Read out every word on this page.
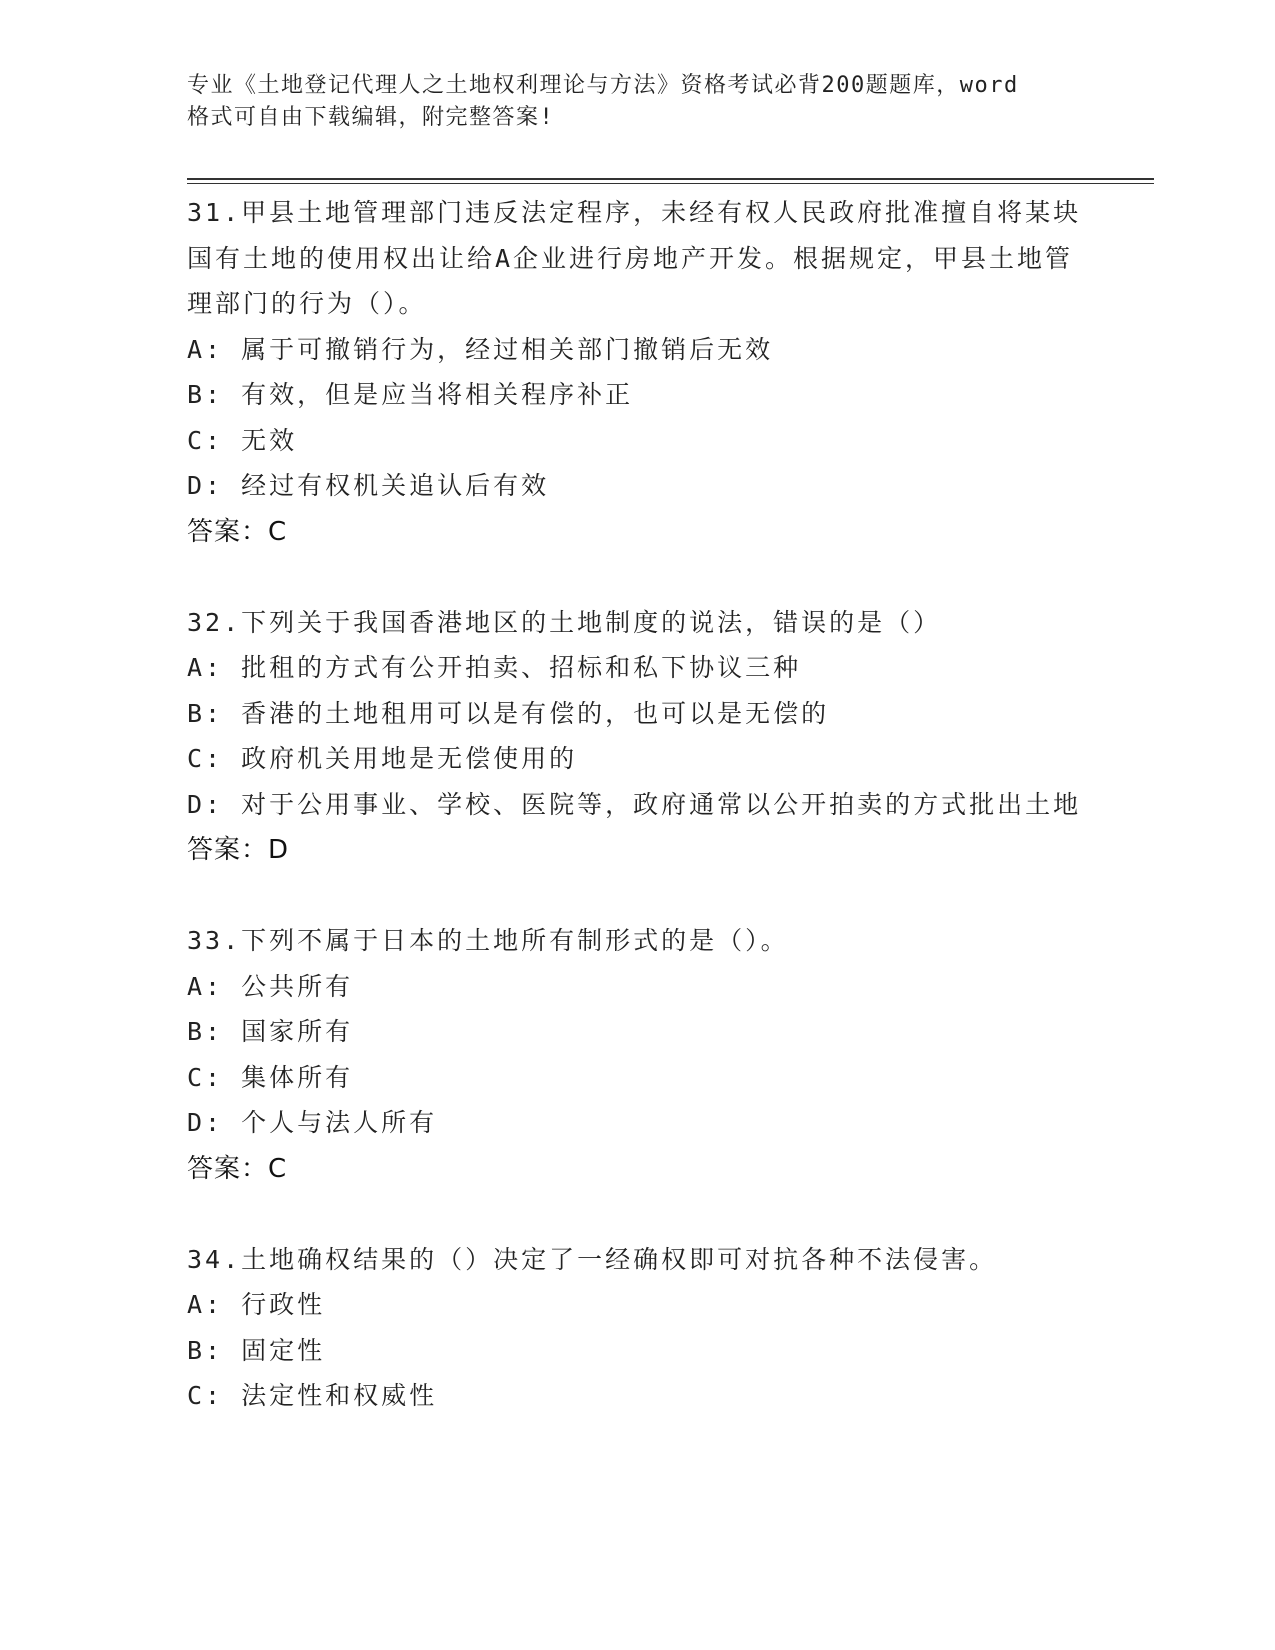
专业《土地登记代理人之土地权利理论与方法》资格考试必背200题题库，word
格式可自由下载编辑，附完整答案!
31.甲县土地管理部门违反法定程序，未经有权人民政府批准擅自将某块国有土地的使用权出让给A企业进行房地产开发。根据规定，甲县土地管理部门的行为（）。
A: 属于可撤销行为，经过相关部门撤销后无效
B: 有效，但是应当将相关程序补正
C: 无效
D: 经过有权机关追认后有效
答案：C
32.下列关于我国香港地区的土地制度的说法，错误的是（）
A: 批租的方式有公开拍卖、招标和私下协议三种
B: 香港的土地租用可以是有偿的，也可以是无偿的
C: 政府机关用地是无偿使用的
D: 对于公用事业、学校、医院等，政府通常以公开拍卖的方式批出土地
答案：D
33.下列不属于日本的土地所有制形式的是（）。
A: 公共所有
B: 国家所有
C: 集体所有
D: 个人与法人所有
答案：C
34.土地确权结果的（）决定了一经确权即可对抗各种不法侵害。
A: 行政性
B: 固定性
C: 法定性和权威性
